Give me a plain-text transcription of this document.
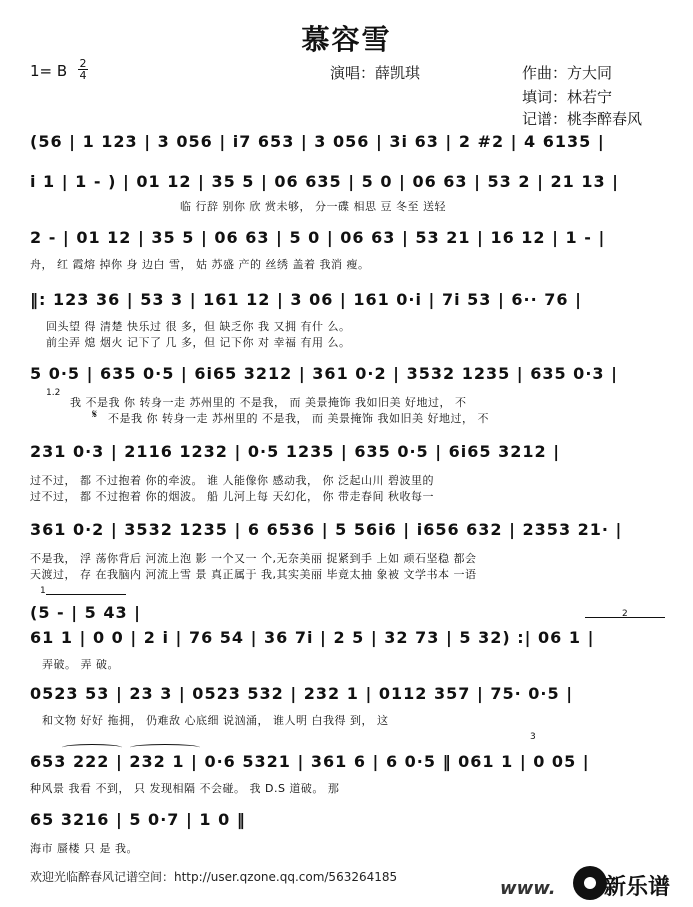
慕容雪
1= B 2
4	演唱：薛凯琪	作曲：方大同
填词：林若宁
记谱：桃李醉春风
(56 | 1 123 | 3 056 | i7 653 | 3 056 | 3i 63 | 2 #2 | 4 6135 |
i 1 | 1 - ) | 01 12 | 35 5 | 06 635 | 5 0 | 06 63 | 53 2 | 21 13 |
临 行辞 别你 欣 赏未够， 分一碟 相思 豆 冬至 送轻
2 - | 01 12 | 35 5 | 06 63 | 5 0 | 06 63 | 53 21 | 16 12 | 1 - |
舟， 红 霞熔 掉你 身 边白 雪， 姑 苏盛 产的 丝绣 盖着 我消 瘦。
‖: 123 36 | 53 3 | 161 12 | 3 06 | 161 0·i | 7i 53 | 6·· 76 |
回头望 得 清楚 快乐过 很 多，但 缺乏你 我 又拥 有什 么。
前尘弄 熄 烟火 记下了 几 多，但 记下你 对 幸福 有用 么。
5 0·5 | 635 0·5 | 6i65 3212 | 361 0·2 | 3532 1235 | 635 0·3 |
1.2
我 不是我 你 转身一走 苏州里的 不是我， 而 美景掩饰 我如旧美 好地过， 不
𝄋 不是我 你 转身一走 苏州里的 不是我， 而 美景掩饰 我如旧美 好地过， 不
231 0·3 | 2116 1232 | 0·5 1235 | 635 0·5 | 6i65 3212 |
过不过， 都 不过抱着 你的牵波。 谁 人能像你 感动我， 你 泛起山川 碧波里的
过不过， 都 不过抱着 你的烟波。 船 儿河上每 天幻化， 你 带走春间 秋收每一
361 0·2 | 3532 1235 | 6 6536 | 5 56i6 | i656 632 | 2353 21· |
不是我， 浮 荡你背后 河流上泡 影 一个又一 个,无奈美丽 捉紧到手 上如 顽石坚稳 都会
天渡过， 存 在我脑内 河流上雪 景 真正属于 我,其实美丽 毕竟太抽 象被 文学书本 一语
1
(5 - | 5 43 |	2
61 1 | 0 0 | 2 i | 76 54 | 36 7i | 2 5 | 32 73 | 5 32) :| 06 1 |
弄破。 弄 破。
0523 53 | 23 3 | 0523 532 | 232 1 | 0112 357 | 75· 0·5 |
和文物 好好 拖拥， 仍难敌 心底细 说汹涌， 谁人明 白我得 到， 这
3
653 222 | 232 1 | 0·6 5321 | 361 6 | 6 0·5 ‖ 061 1 | 0 05 |
种风景 我看 不到， 只 发现相隔 不会碰。 我 D.S 道破。 那
65 3216 | 5 0·7 | 1 0 ‖
海市 蜃楼 只 是 我。
欢迎光临醉春风记谱空间：http://user.qzone.qq.com/563264185
www. 新乐谱
